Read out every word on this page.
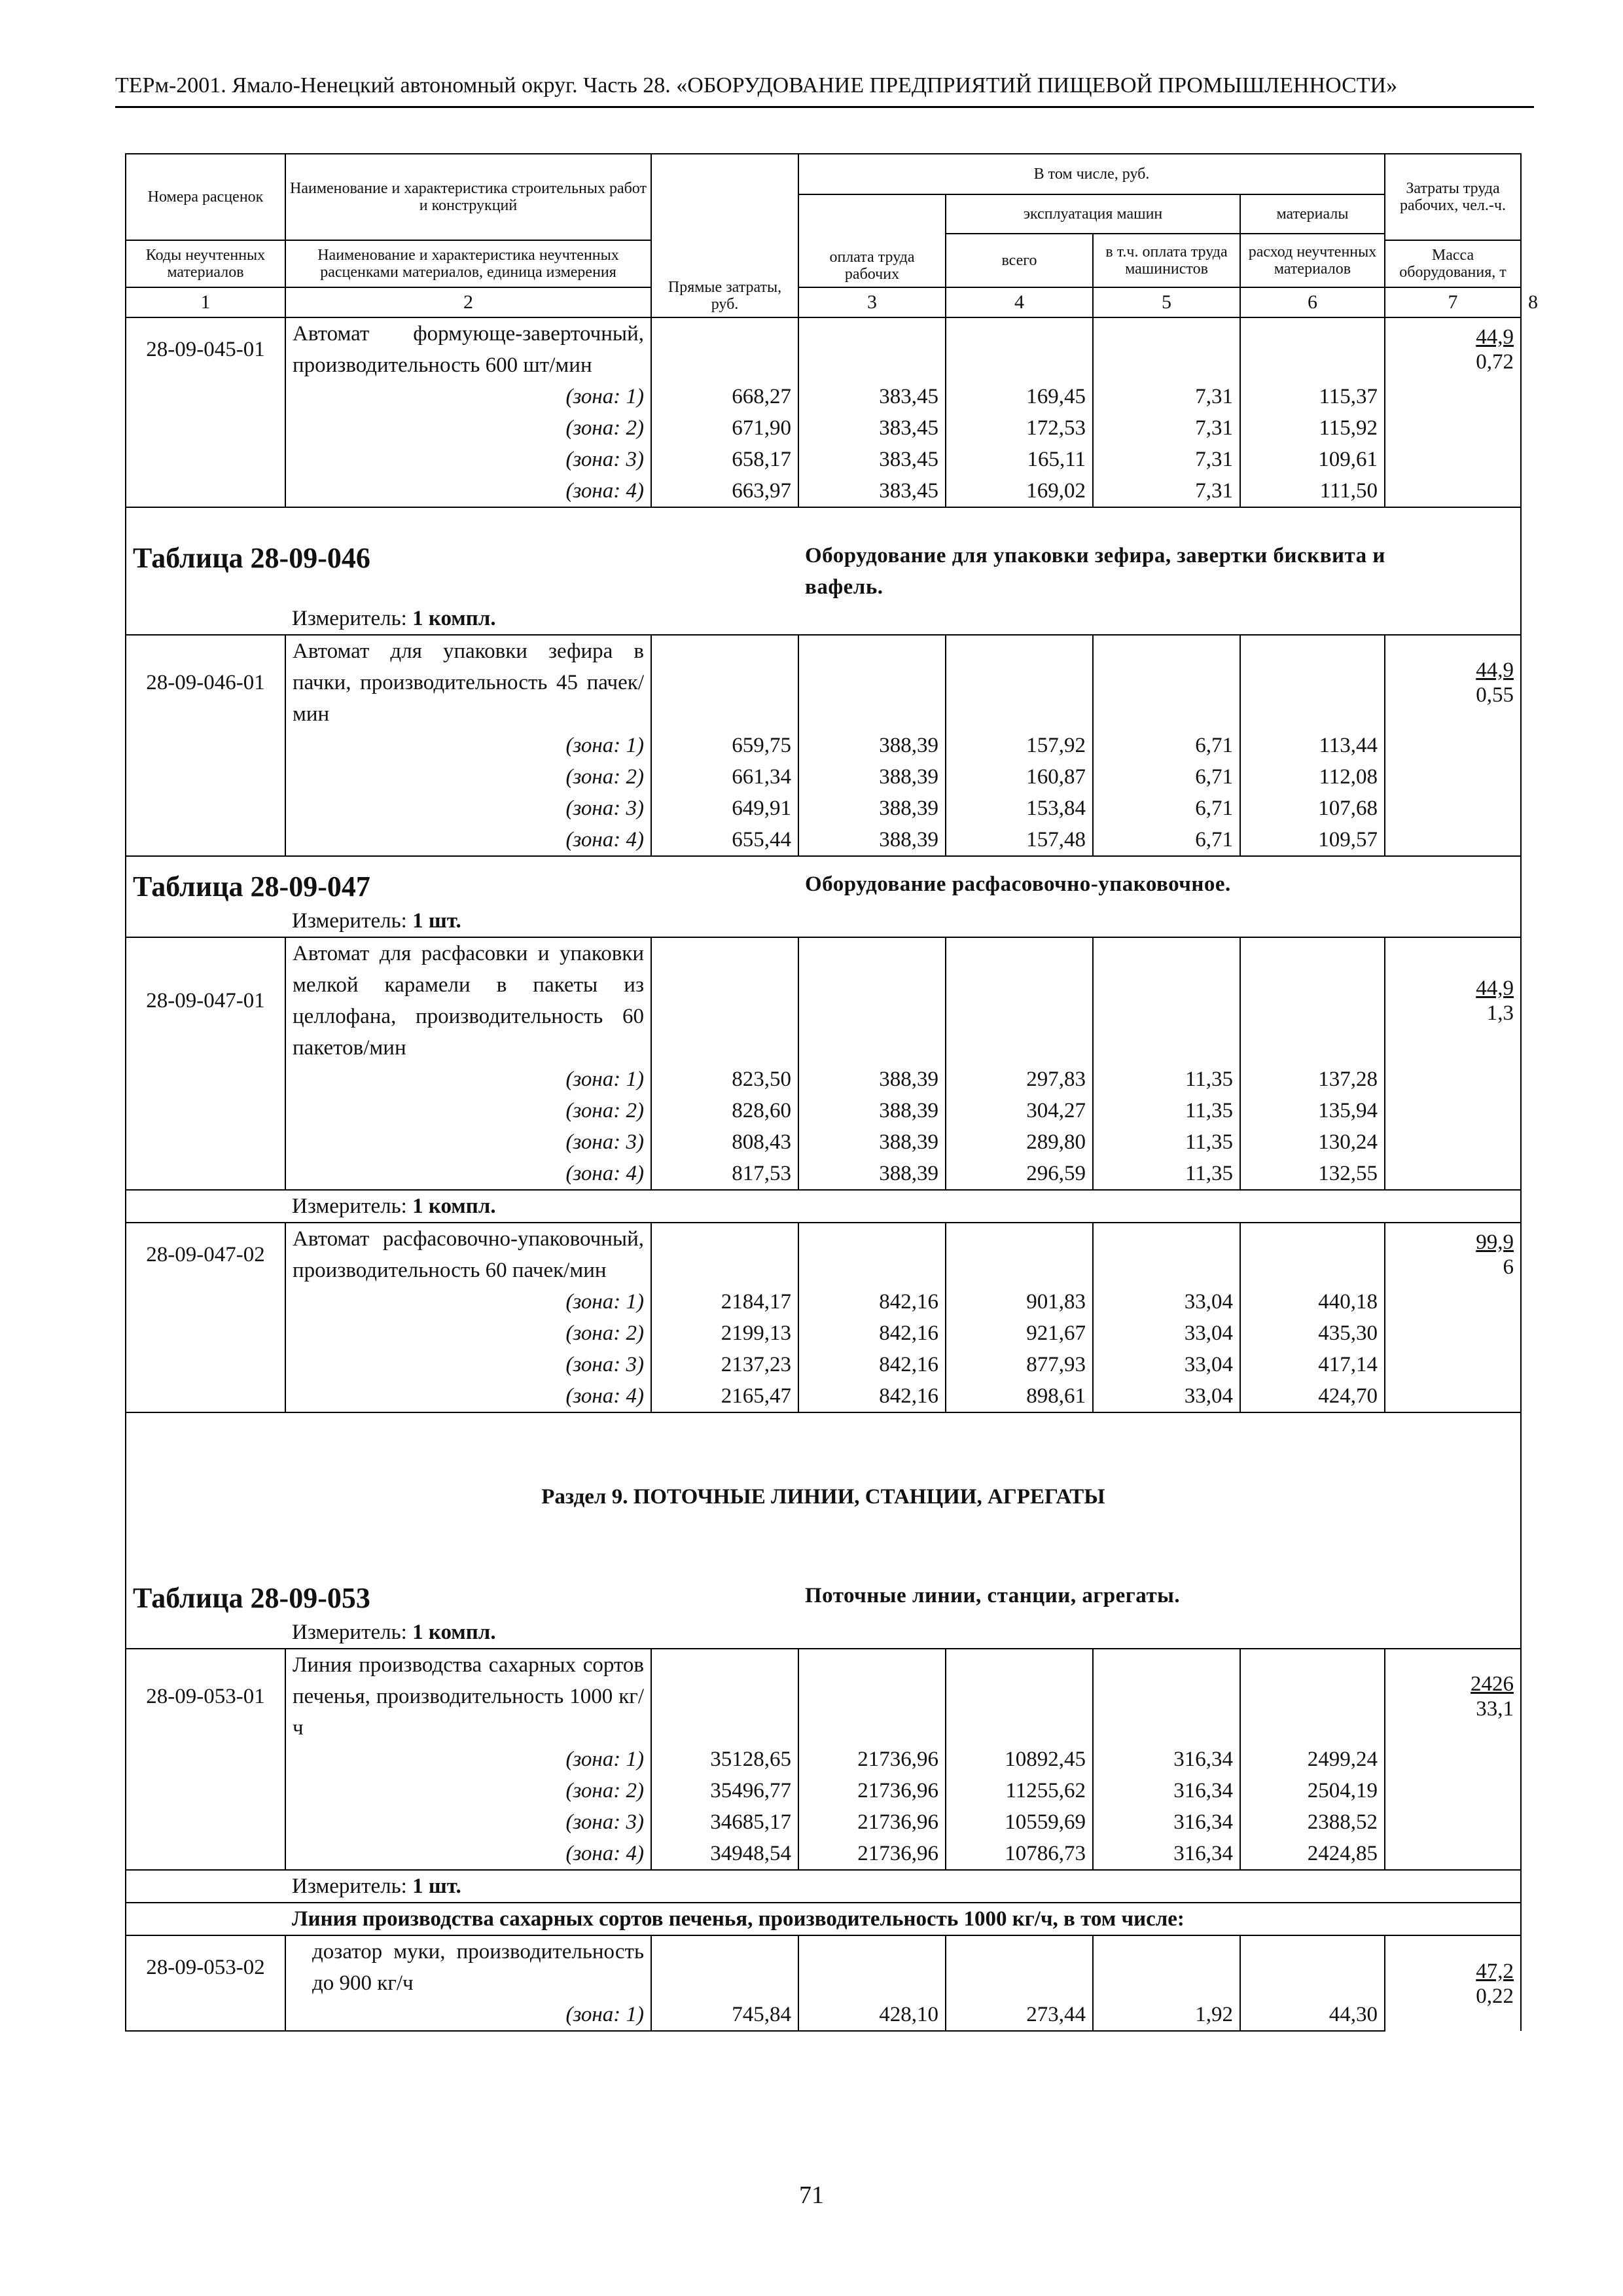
ТЕРм-2001. Ямало-Ненецкий автономный округ. Часть 28. «ОБОРУДОВАНИЕ ПРЕДПРИЯТИЙ ПИЩЕВОЙ ПРОМЫШЛЕННОСТИ»
Номера расценок	Наименование и характеристика строительных работ и конструкций	Прямые затраты, руб.	В том числе, руб.				Затраты труда рабочих, чел.-ч.	
			оплата труда рабочих	эксплуатация машин		материалы		
				всего	в т.ч. оплата труда машинистов	расход неучтенных материалов		
Коды неучтенных материалов	Наименование и характеристика неучтенных расценками материалов, единица измерения						Масса оборудования, т	
1	2		3	4	5	6	7	8
28-09-045-01	Автомат формующе-заверточный, производительность 600 шт/мин						44,9
0,72	

	(зона: 1)	668,27	383,45	169,45	7,31	115,37		
	(зона: 2)	671,90	383,45	172,53	7,31	115,92		
	(зона: 3)	658,17	383,45	165,11	7,31	109,61		
	(зона: 4)	663,97	383,45	169,02	7,31	111,50		

Таблица 28-09-046			Оборудование для упаковки зефира, завертки бисквита и вафель.					
	Измеритель: 1 компл.							
28-09-046-01	Автомат для упаковки зефира в пачки, производительность 45 пачек/мин						44,9
0,55	

	(зона: 1)	659,75	388,39	157,92	6,71	113,44		
	(зона: 2)	661,34	388,39	160,87	6,71	112,08		
	(зона: 3)	649,91	388,39	153,84	6,71	107,68		
	(зона: 4)	655,44	388,39	157,48	6,71	109,57		
Таблица 28-09-047			Оборудование расфасовочно-упаковочное.					
	Измеритель: 1 шт.							
28-09-047-01	Автомат для расфасовки и упаковки мелкой карамели в пакеты из целлофана, производительность 60 пакетов/мин						44,9
1,3	

	(зона: 1)	823,50	388,39	297,83	11,35	137,28		
	(зона: 2)	828,60	388,39	304,27	11,35	135,94		
	(зона: 3)	808,43	388,39	289,80	11,35	130,24		
	(зона: 4)	817,53	388,39	296,59	11,35	132,55		
	Измеритель: 1 компл.							
28-09-047-02	Автомат расфасовочно-упаковочный, производительность 60 пачек/мин						99,9
6	

	(зона: 1)	2184,17	842,16	901,83	33,04	440,18		
	(зона: 2)	2199,13	842,16	921,67	33,04	435,30		
	(зона: 3)	2137,23	842,16	877,93	33,04	417,14		
	(зона: 4)	2165,47	842,16	898,61	33,04	424,70		
Раздел 9. ПОТОЧНЫЕ ЛИНИИ, СТАНЦИИ, АГРЕГАТЫ								
Таблица 28-09-053			Поточные линии, станции, агрегаты.					
	Измеритель: 1 компл.							
28-09-053-01	Линия производства сахарных сортов печенья, производительность 1000 кг/ч						2426
33,1	

	(зона: 1)	35128,65	21736,96	10892,45	316,34	2499,24		
	(зона: 2)	35496,77	21736,96	11255,62	316,34	2504,19		
	(зона: 3)	34685,17	21736,96	10559,69	316,34	2388,52		
	(зона: 4)	34948,54	21736,96	10786,73	316,34	2424,85		
	Измеритель: 1 шт.							
	Линия производства сахарных сортов печенья, производительность 1000 кг/ч, в том числе:							
28-09-053-02	дозатор муки, производительность до 900 кг/ч						47,2
0,22	

	(зона: 1)	745,84	428,10	273,44	1,92	44,30		
71
